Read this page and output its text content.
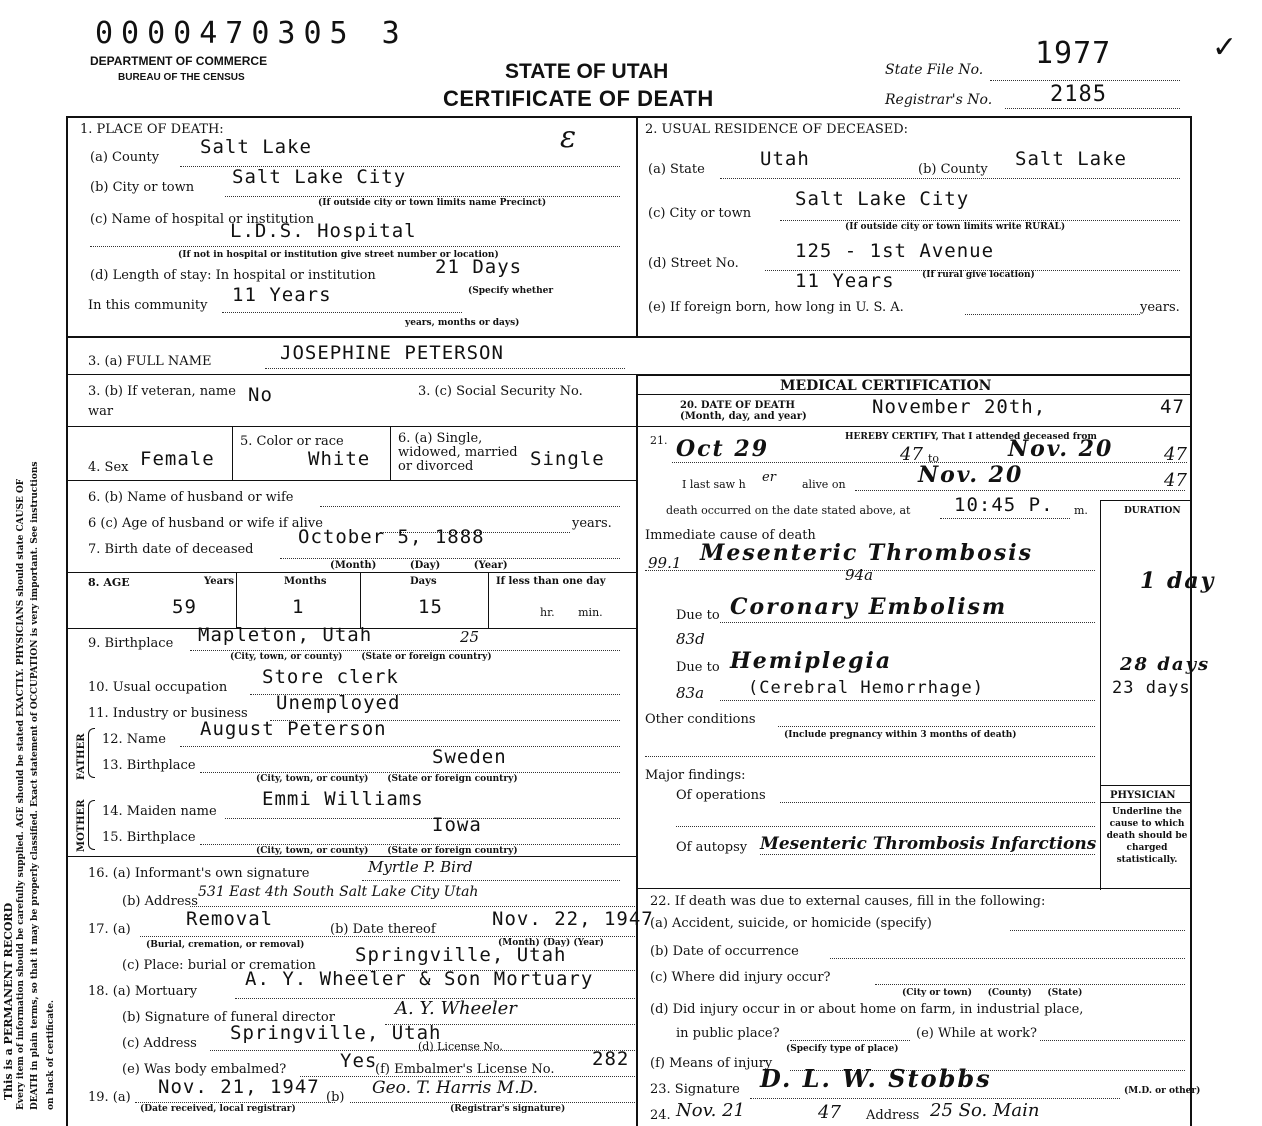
This is a PERMANENT RECORD Every item of information should be carefully supplied. AGE should be stated EXACTLY. PHYSICIANS should state CAUSE OF DEATH in plain terms, so that it may be properly classified. Exact statement of OCCUPATION is very important. See instructions on back of certificate.
0000470305 3
DEPARTMENT OF COMMERCE
BUREAU OF THE CENSUS	STATE OF UTAH
CERTIFICATE OF DEATH
State File No. 1977
Registrar's No.	2185
✓
1. PLACE OF DEATH:
(a) County Salt Lake
(b) City or town Salt Lake City
(If outside city or town limits name Precinct)
(c) Name of hospital or institution
L.D.S. Hospital
(If not in hospital or institution give street number or location)
(d) Length of stay: In hospital or institution	21 Days
(Specify whether
In this community 11 Years
years, months or days)
ɛ	2. USUAL RESIDENCE OF DECEASED:
(a) State	Utah	(b) County Salt Lake
(c) City or town
Salt Lake City
(If outside city or town limits write RURAL)
(d) Street No.
125 - 1st Avenue
11 Years	(If rural give location)
(e) If foreign born, how long in U. S. A.	years.
3. (a) FULL NAME	JOSEPHINE PETERSON
3. (b) If veteran, name war
No	3. (c) Social Security No.
4. Sex Female
5. Color or race
White
6. (a) Single, widowed, married or divorced	Single
6. (b) Name of husband or wife
6 (c) Age of husband or wife if alive	years.
7. Birth date of deceased
October 5, 1888
(Month) (Day) (Year)
8. AGE	Years	Months	Days	If less than one day
59	1	15	hr. min.
9. Birthplace Mapleton, Utah	25
(City, town, or county)      (State or foreign country)
10. Usual occupation Store clerk
11. Industry or business Unemployed
FATHER 12. Name August Peterson
13. Birthplace	Sweden
(City, town, or county)      (State or foreign country)
MOTHER 14. Maiden name
Emmi Williams
15. Birthplace
Iowa
(City, town, or county)      (State or foreign country)
16. (a) Informant's own signature	Myrtle P. Bird
(b) Address
531 East 4th South Salt Lake City Utah
17. (a)	Removal
(Burial, cremation, or removal)
(b) Date thereof	Nov. 22, 1947
(Month) (Day) (Year)
(c) Place: burial or cremation Springville, Utah
18. (a) Mortuary
A. Y. Wheeler & Son Mortuary
(b) Signature of funeral director	A. Y. Wheeler
(c) Address Springville, Utah
(d) License No.
(e) Was body embalmed?	Yes
(f) Embalmer's License No. 282
19. (a) Nov. 21, 1947
(Date received, local registrar)
(b) Geo. T. Harris M.D.
(Registrar's signature)
MEDICAL CERTIFICATION
20. DATE OF DEATH (Month, day, and year)	November 20th,	47
21.	HEREBY CERTIFY, That I attended deceased from
Oct 29	47 to	Nov. 20	47
I last saw h er alive on	Nov. 20	47
death occurred on the date stated above, at 10:45 P. m.	DURATION
Immediate cause of death
99.1 Mesenteric Thrombosis
1 day
94a
Due to Coronary Embolism
83d
Due to Hemiplegia	28 days
83a	(Cerebral Hemorrhage)	23 days
Other conditions
(Include pregnancy within 3 months of death)
Major findings:
Of operations
Of autopsy Mesenteric Thrombosis Infarctions
PHYSICIAN
Underline the cause to which death should be charged statistically.
22. If death was due to external causes, fill in the following:
(a) Accident, suicide, or homicide (specify)
(b) Date of occurrence
(c) Where did injury occur?
(City or town)     (County)     (State)
(d) Did injury occur in or about home on farm, in industrial place,
in public place?	(e) While at work?
(Specify type of place)
(f) Means of injury
23. Signature D. L. W. Stobbs	(M.D. or other)
24. Nov. 21	47 Address 25 So. Main
